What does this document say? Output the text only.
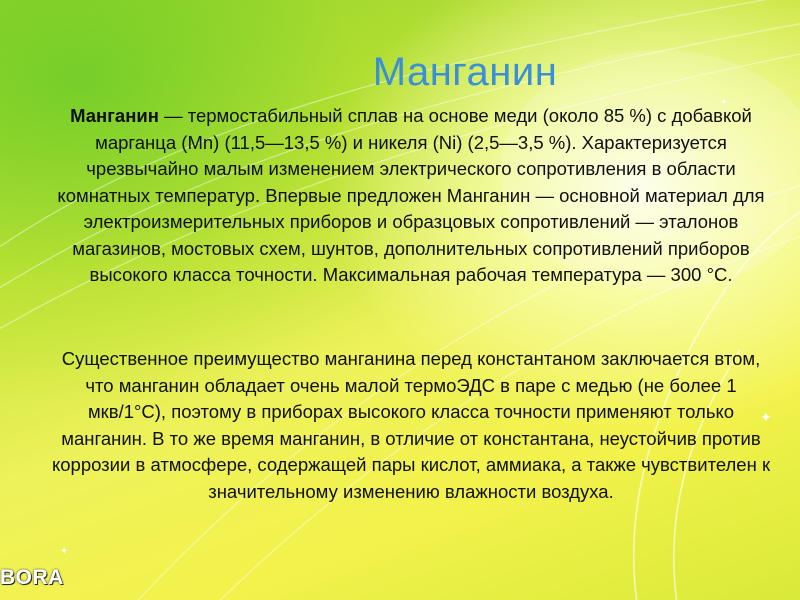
✦
✦
✦
Манганин
Манганин — термостабильный сплав на основе меди (около 85 %) с добавкой марганца (Mn) (11,5—13,5 %) и никеля (Ni) (2,5—3,5 %). Характеризуется чрезвычайно малым изменением электрического сопротивления в области комнатных температур. Впервые предложен Манганин — основной материал для электроизмерительных приборов и образцовых сопротивлений — эталонов магазинов, мостовых схем, шунтов, дополнительных сопротивлений приборов высокого класса точности. Максимальная рабочая температура — 300 °C.
Существенное преимущество манганина перед константаном заключается втом, что манганин обладает очень малой термоЭДС в паре с медью (не более 1 мкв/1°C), поэтому в приборах высокого класса точности применяют только манганин. В то же время манганин, в отличие от константана, неустойчив против коррозии в атмосфере, содержащей пары кислот, аммиака, а также чувствителен к значительному изменению влажности воздуха.
BORA
